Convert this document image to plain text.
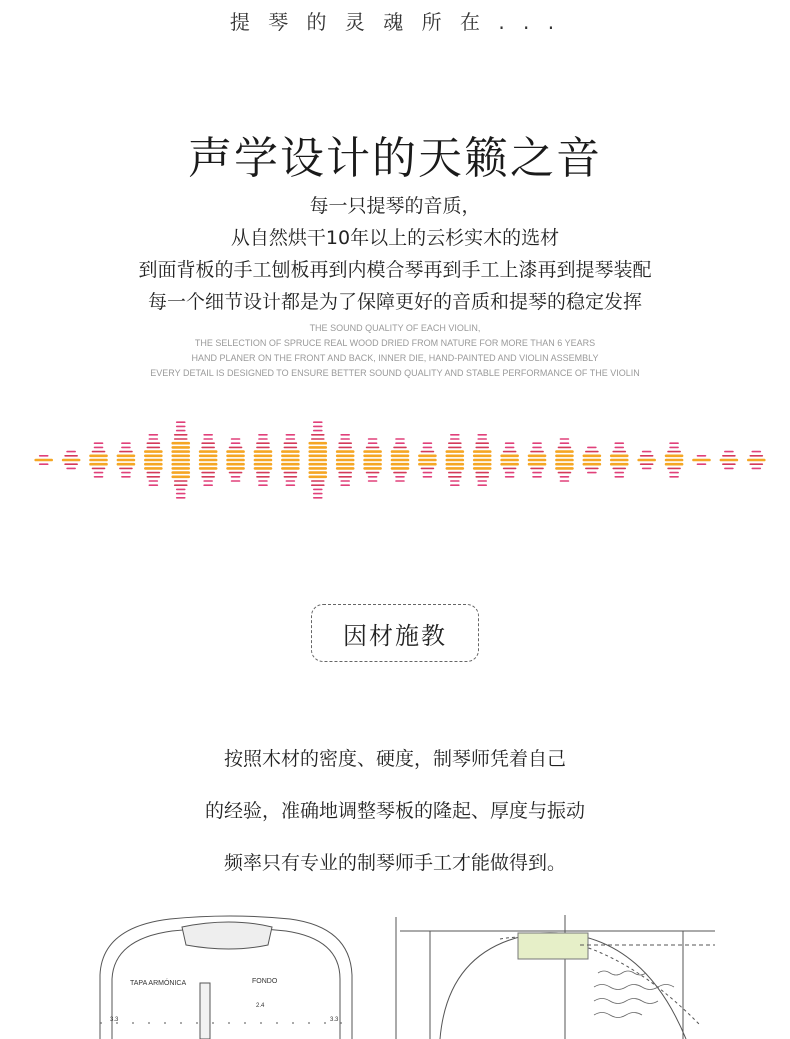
提 琴 的 灵 魂 所 在 . . .
声学设计的天籁之音
每一只提琴的音质，
从自然烘干10年以上的云杉实木的选材
到面背板的手工刨板再到内模合琴再到手工上漆再到提琴装配
每一个细节设计都是为了保障更好的音质和提琴的稳定发挥
THE SOUND QUALITY OF EACH VIOLIN,
THE SELECTION OF SPRUCE REAL WOOD DRIED FROM NATURE FOR MORE THAN 6 YEARS
HAND PLANER ON THE FRONT AND BACK, INNER DIE, HAND-PAINTED AND VIOLIN ASSEMBLY
EVERY DETAIL IS DESIGNED TO ENSURE BETTER SOUND QUALITY AND STABLE PERFORMANCE OF THE VIOLIN
因材施教
按照木材的密度、硬度，制琴师凭着自己
的经验，准确地调整琴板的隆起、厚度与振动
频率只有专业的制琴师手工才能做得到。
TAPA ARMÓNICA	FONDO
3.3
2.4
3.3
